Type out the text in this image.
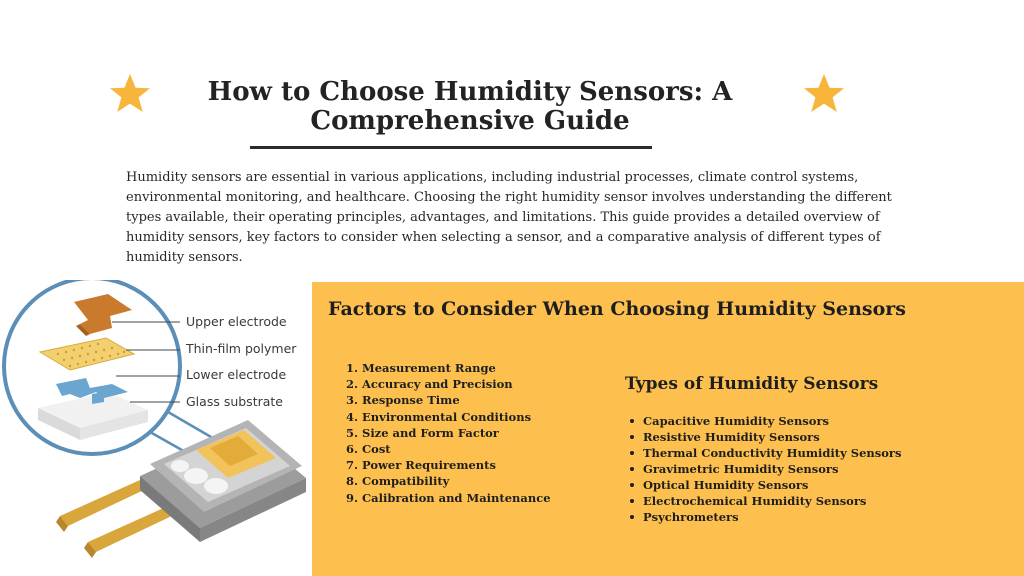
How to Choose Humidity Sensors: A Comprehensive Guide

Humidity sensors are essential in various applications, including industrial processes, climate control systems, environmental monitoring, and healthcare. Choosing the right humidity sensor involves understanding the different types available, their operating principles, advantages, and limitations. This guide provides a detailed overview of humidity sensors, key factors to consider when selecting a sensor, and a comparative analysis of different types of humidity sensors.

Upper electrode
Thin-film polymer
Lower electrode
Glass substrate
Factors to Consider When Choosing Humidity Sensors
1. Measurement Range
2. Accuracy and Precision
3. Response Time
4. Environmental Conditions
5. Size and Form Factor
6. Cost
7. Power Requirements
8. Compatibility
9. Calibration and Maintenance
Types of Humidity Sensors
Capacitive Humidity Sensors
Resistive Humidity Sensors
Thermal Conductivity Humidity Sensors
Gravimetric Humidity Sensors
Optical Humidity Sensors
Electrochemical Humidity Sensors
Psychrometers
